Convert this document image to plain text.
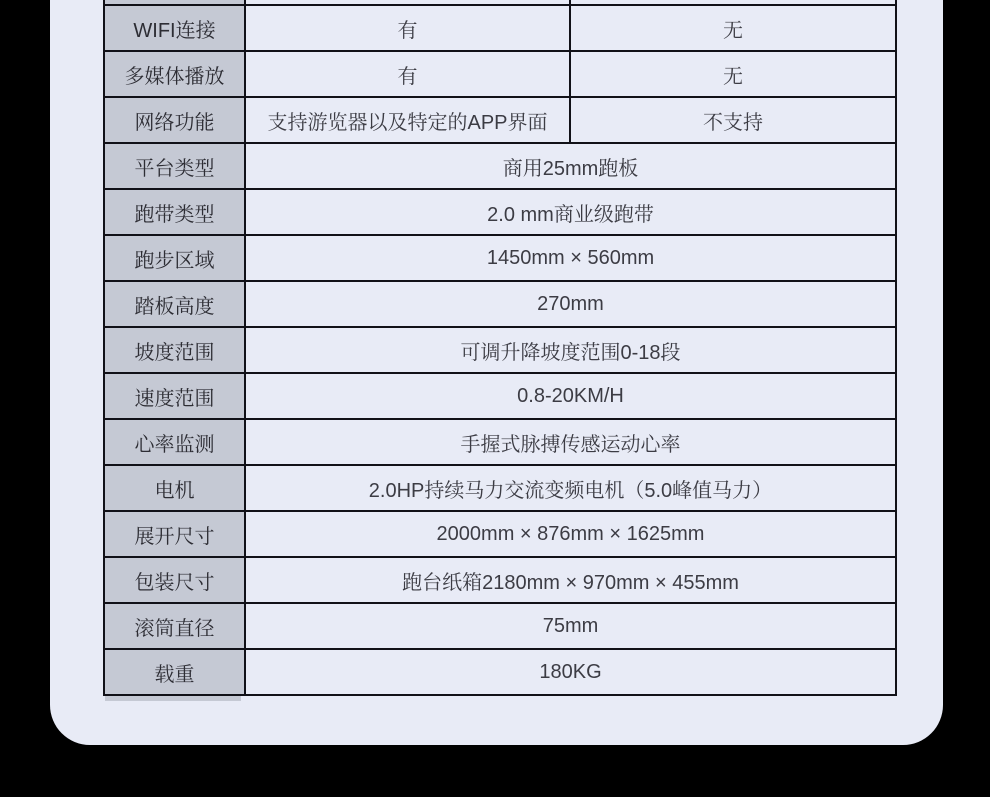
WIFI连接	有	无
多媒体播放	有	无
网络功能	支持游览器以及特定的APP界面	不支持
平台类型	商用25mm跑板	
跑带类型	2.0 mm商业级跑带	
跑步区域	1450mm × 560mm	
踏板高度	270mm	
坡度范围	可调升降坡度范围0-18段	
速度范围	0.8-20KM/H	
心率监测	手握式脉搏传感运动心率	
电机	2.0HP持续马力交流变频电机（5.0峰值马力）	
展开尺寸	2000mm × 876mm × 1625mm	
包装尺寸	跑台纸箱2180mm × 970mm × 455mm	
滚筒直径	75mm	
载重	180KG	
